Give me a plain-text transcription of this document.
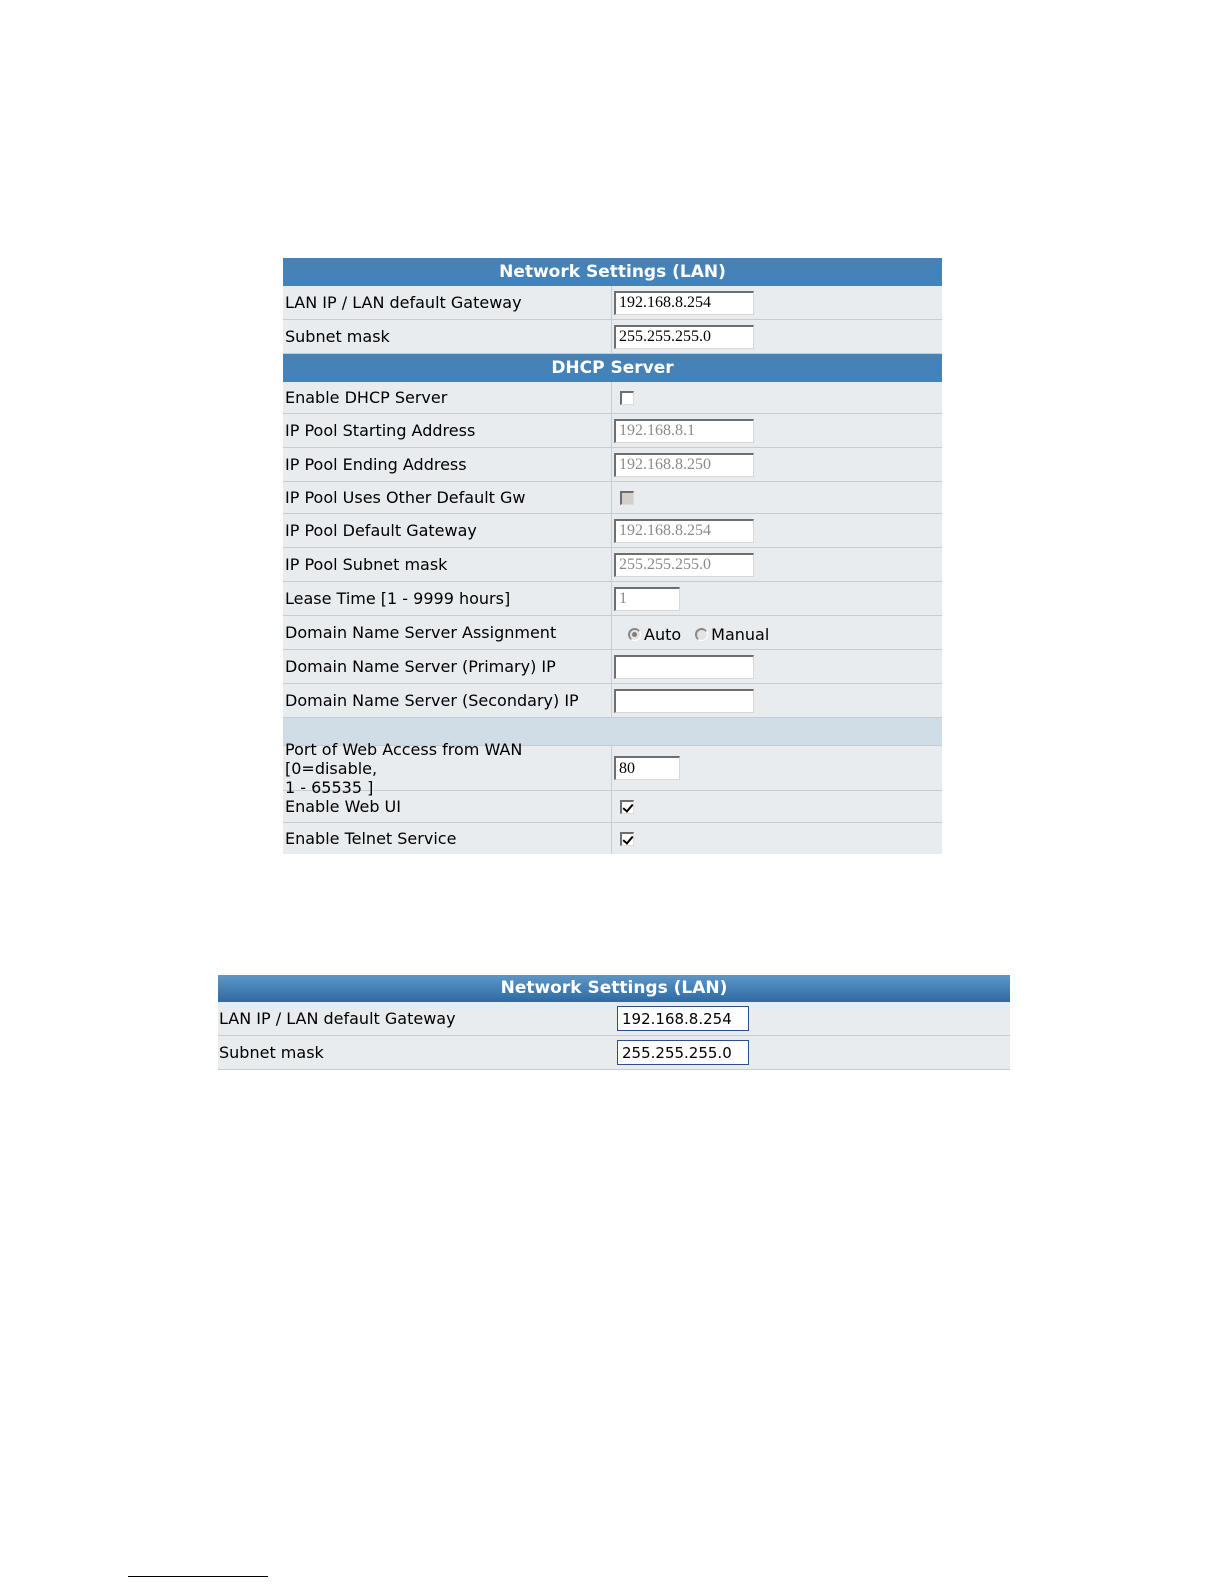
Network Settings (LAN)
LAN IP / LAN default Gateway
192.168.8.254
Subnet mask
255.255.255.0
DHCP Server
Enable DHCP Server
IP Pool Starting Address
192.168.8.1
IP Pool Ending Address
192.168.8.250
IP Pool Uses Other Default Gw
IP Pool Default Gateway
192.168.8.254
IP Pool Subnet mask
255.255.255.0
Lease Time [1 - 9999 hours]
1
Domain Name Server Assignment	Auto Manual
Domain Name Server (Primary) IP
Domain Name Server (Secondary) IP
Port of Web Access from WAN [0=disable,
1 - 65535 ]
80
Enable Web UI
Enable Telnet Service
Network Settings (LAN)
LAN IP / LAN default Gateway
192.168.8.254
Subnet mask
255.255.255.0
